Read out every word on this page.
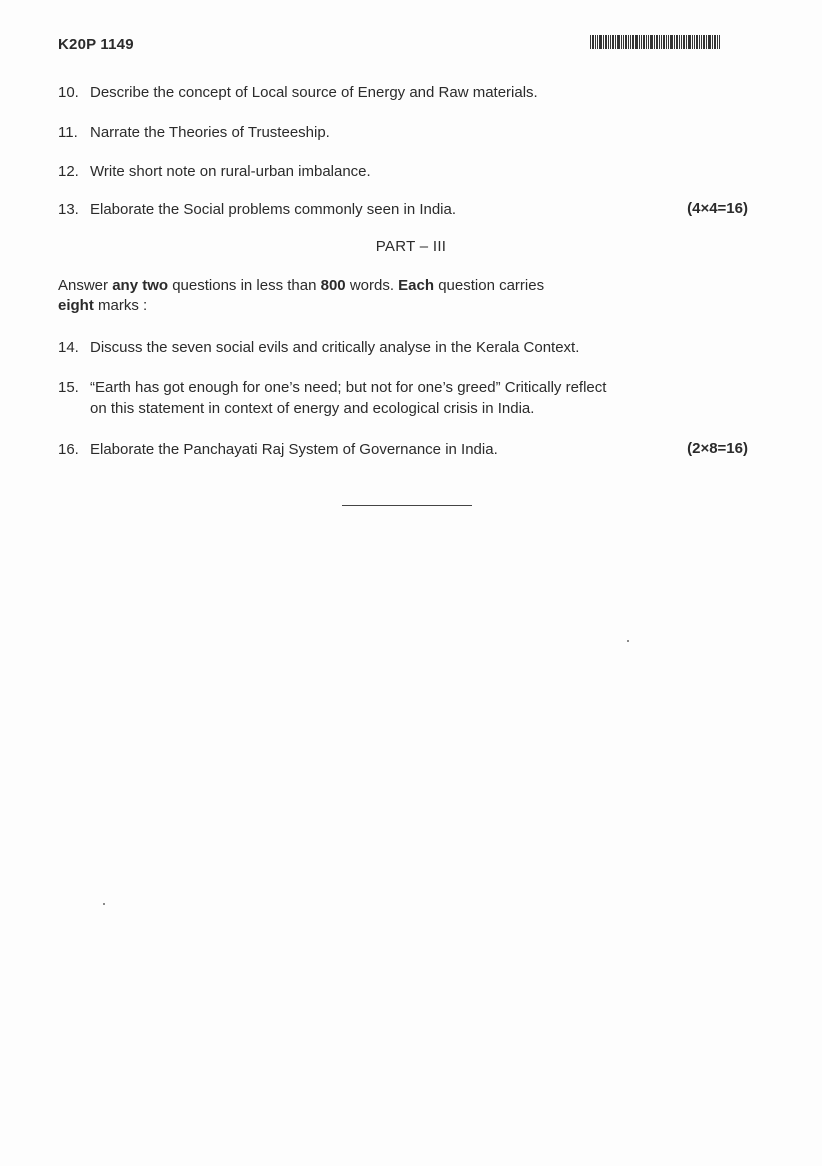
K20P 1149
10. Describe the concept of Local source of Energy and Raw materials.
11. Narrate the Theories of Trusteeship.
12. Write short note on rural-urban imbalance.
13. Elaborate the Social problems commonly seen in India.	(4×4=16)
PART – III
Answer any two questions in less than 800 words. Each question carries
eight marks :
14. Discuss the seven social evils and critically analyse in the Kerala Context.
15. “Earth has got enough for one’s need; but not for one’s greed” Critically reflect
on this statement in context of energy and ecological crisis in India.
16. Elaborate the Panchayati Raj System of Governance in India.	(2×8=16)
